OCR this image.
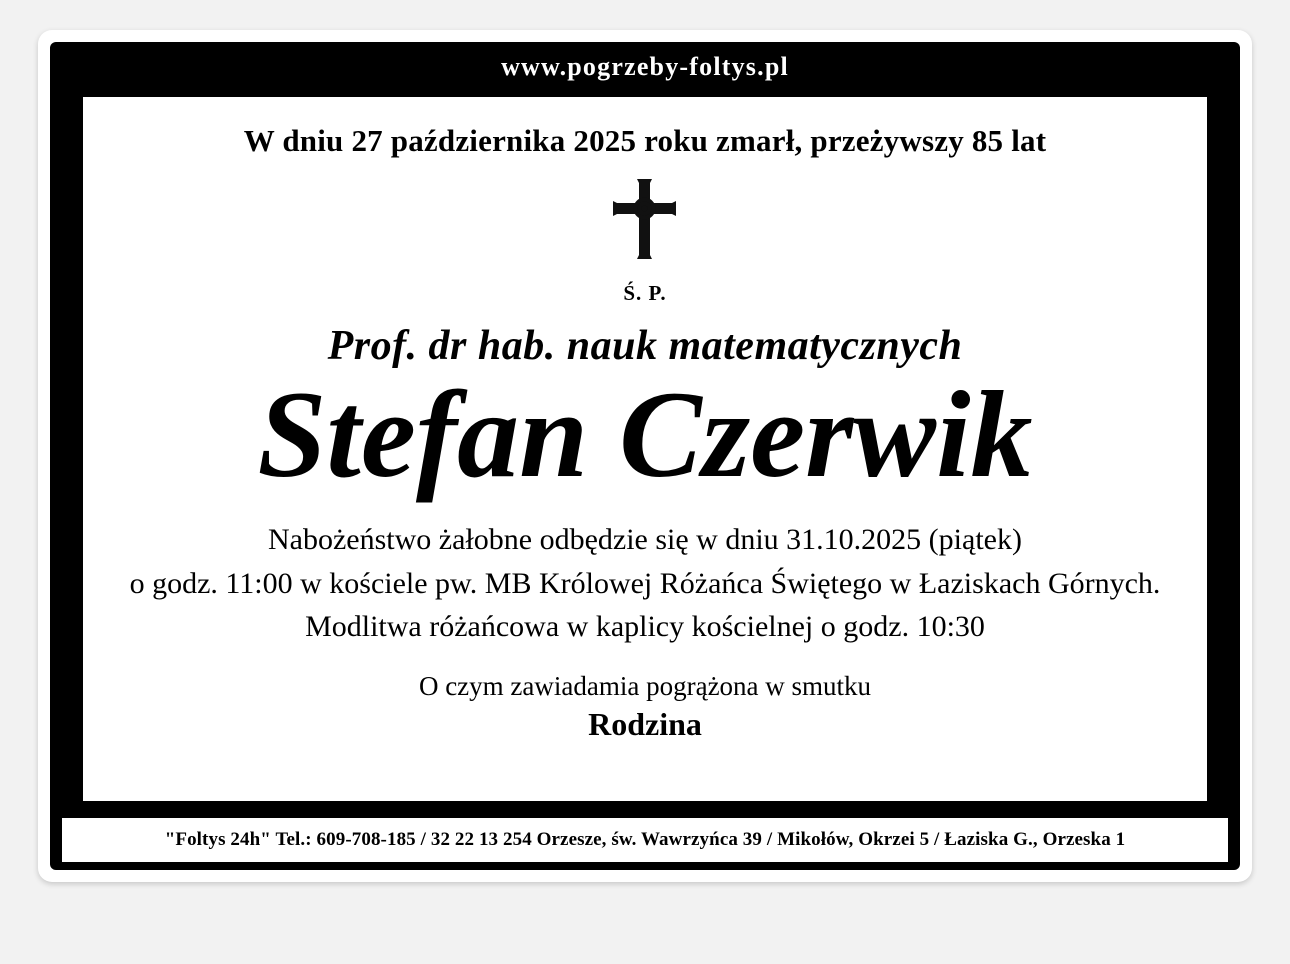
www.pogrzeby-foltys.pl
W dniu 27 października 2025 roku zmarł, przeżywszy 85 lat
Ś. P.
Prof. dr hab. nauk matematycznych
Stefan Czerwik
Nabożeństwo żałobne odbędzie się w dniu 31.10.2025 (piątek)
o godz. 11:00 w kościele pw. MB Królowej Różańca Świętego w Łaziskach Górnych.
Modlitwa różańcowa w kaplicy kościelnej o godz. 10:30
O czym zawiadamia pogrążona w smutku
Rodzina
"Foltys 24h" Tel.: 609-708-185 / 32 22 13 254 Orzesze, św. Wawrzyńca 39 / Mikołów, Okrzei 5 / Łaziska G., Orzeska 1
